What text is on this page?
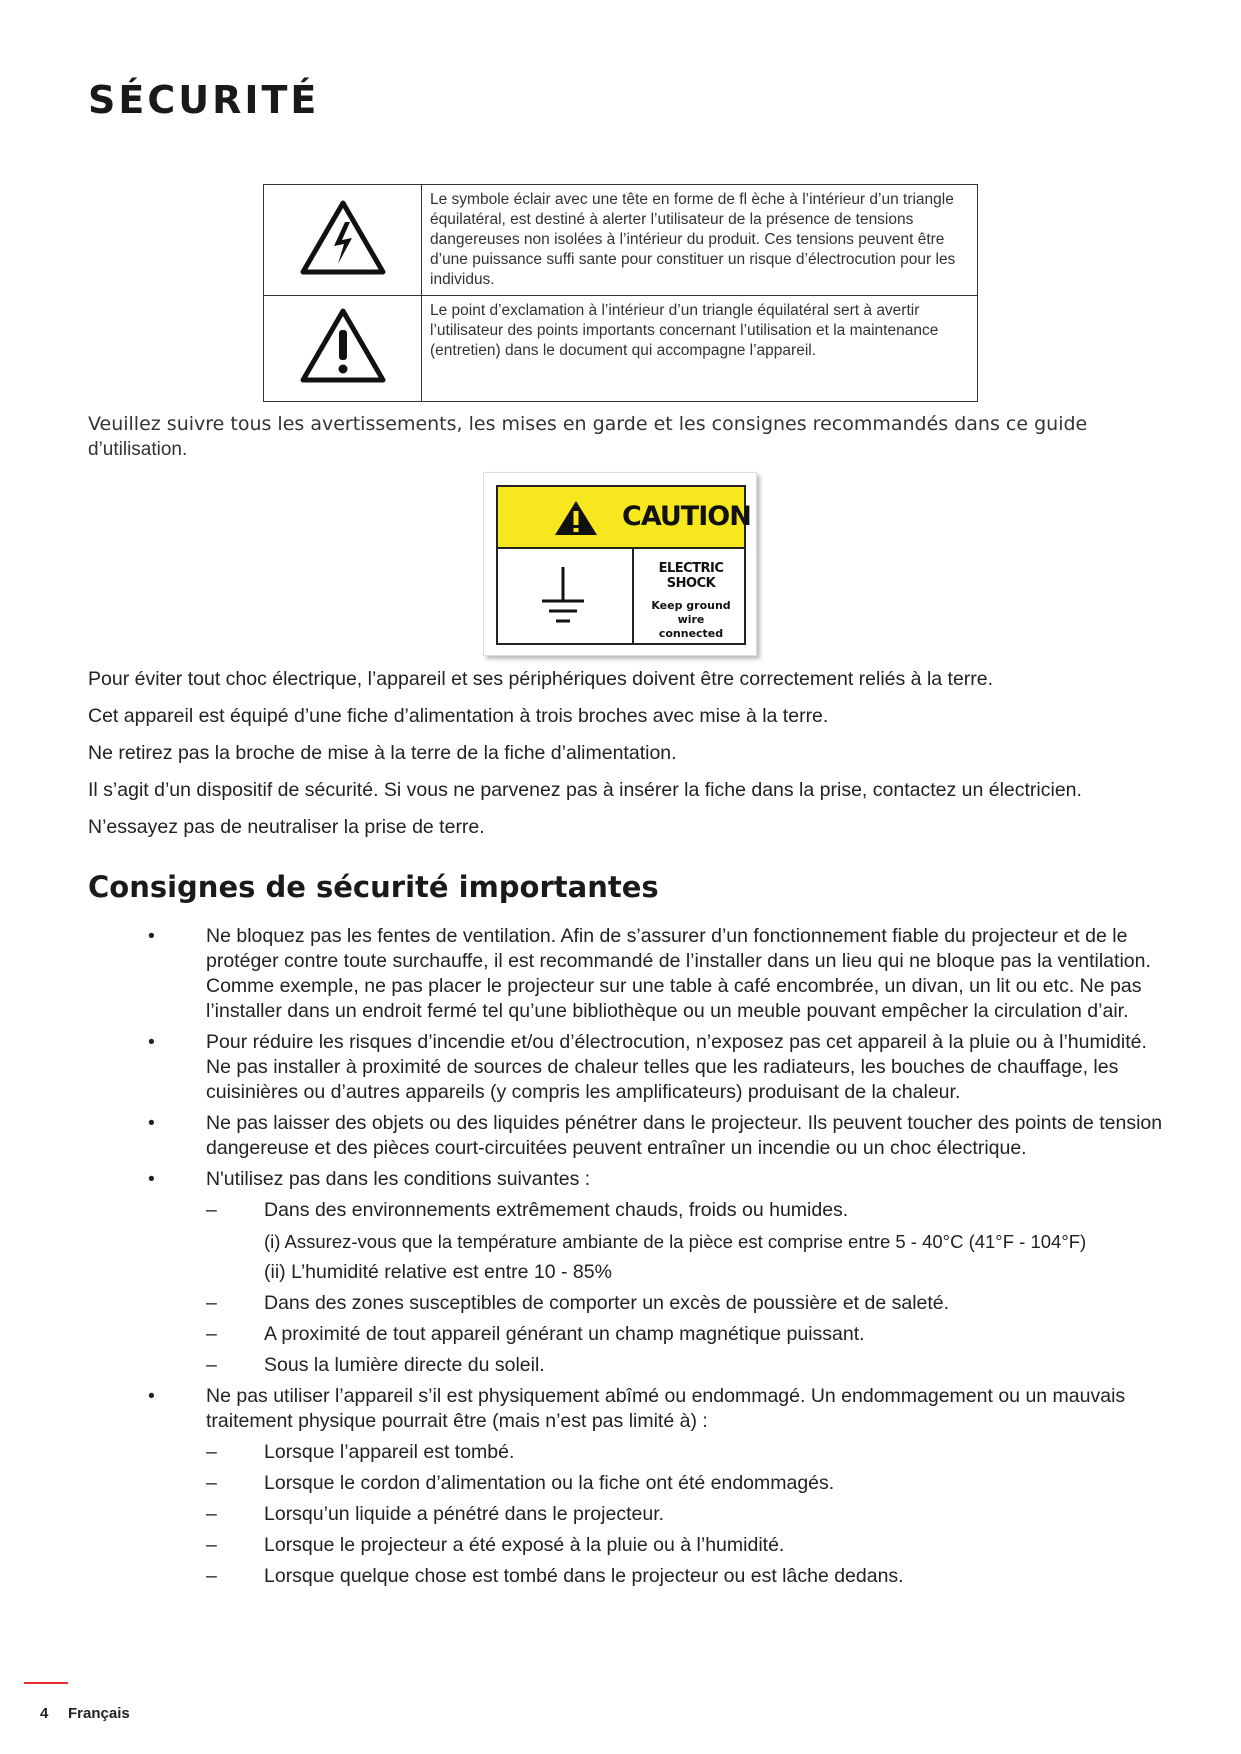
SÉCURITÉ
	Le symbole éclair avec une tête en forme de fl èche à l’intérieur d’un triangle équilatéral, est destiné à alerter l’utilisateur de la présence de tensions dangereuses non isolées à l’intérieur du produit. Ces tensions peuvent être d’une puissance suffi sante pour constituer un risque d’électrocution pour les individus.
	Le point d’exclamation à l’intérieur d’un triangle équilatéral sert à avertir l’utilisateur des points importants concernant l’utilisation et la maintenance (entretien) dans le document qui accompagne l’appareil.
Veuillez suivre tous les avertissements, les mises en garde et les consignes recommandés dans ce guide
d’utilisation.
CAUTION
ELECTRIC SHOCK
Keep ground wire
connected

Pour éviter tout choc électrique, l’appareil et ses périphériques doivent être correctement reliés à la terre.

Cet appareil est équipé d’une fiche d’alimentation à trois broches avec mise à la terre.

Ne retirez pas la broche de mise à la terre de la fiche d’alimentation.

Il s’agit d’un dispositif de sécurité. Si vous ne parvenez pas à insérer la fiche dans la prise, contactez un électricien.

N’essayez pas de neutraliser la prise de terre.

Consignes de sécurité importantes
•	Ne bloquez pas les fentes de ventilation. Afin de s’assurer d’un fonctionnement fiable du projecteur et de le protéger contre toute surchauffe, il est recommandé de l’installer dans un lieu qui ne bloque pas la ventilation. Comme exemple, ne pas placer le projecteur sur une table à café encombrée, un divan, un lit ou etc. Ne pas l’installer dans un endroit fermé tel qu’une bibliothèque ou un meuble pouvant empêcher la circulation d’air.
•	Pour réduire les risques d’incendie et/ou d’électrocution, n’exposez pas cet appareil à la pluie ou à l’humidité. Ne pas installer à proximité de sources de chaleur telles que les radiateurs, les bouches de chauffage, les cuisinières ou d’autres appareils (y compris les amplificateurs) produisant de la chaleur.
•	Ne pas laisser des objets ou des liquides pénétrer dans le projecteur. Ils peuvent toucher des points de tension dangereuse et des pièces court-circuitées peuvent entraîner un incendie ou un choc électrique.
•	N'utilisez pas dans les conditions suivantes :
– Dans des environnements extrêmement chauds, froids ou humides.
(i) Assurez-vous que la température ambiante de la pièce est comprise entre 5 - 40°C (41°F - 104°F)
(ii) L’humidité relative est entre 10 - 85%
– Dans des zones susceptibles de comporter un excès de poussière et de saleté.
– A proximité de tout appareil générant un champ magnétique puissant.
– Sous la lumière directe du soleil.
•	Ne pas utiliser l’appareil s’il est physiquement abîmé ou endommagé. Un endommagement ou un mauvais traitement physique pourrait être (mais n’est pas limité à) :
– Lorsque l’appareil est tombé.
– Lorsque le cordon d’alimentation ou la fiche ont été endommagés.
– Lorsqu’un liquide a pénétré dans le projecteur.
– Lorsque le projecteur a été exposé à la pluie ou à l’humidité.
– Lorsque quelque chose est tombé dans le projecteur ou est lâche dedans.
4 Français
